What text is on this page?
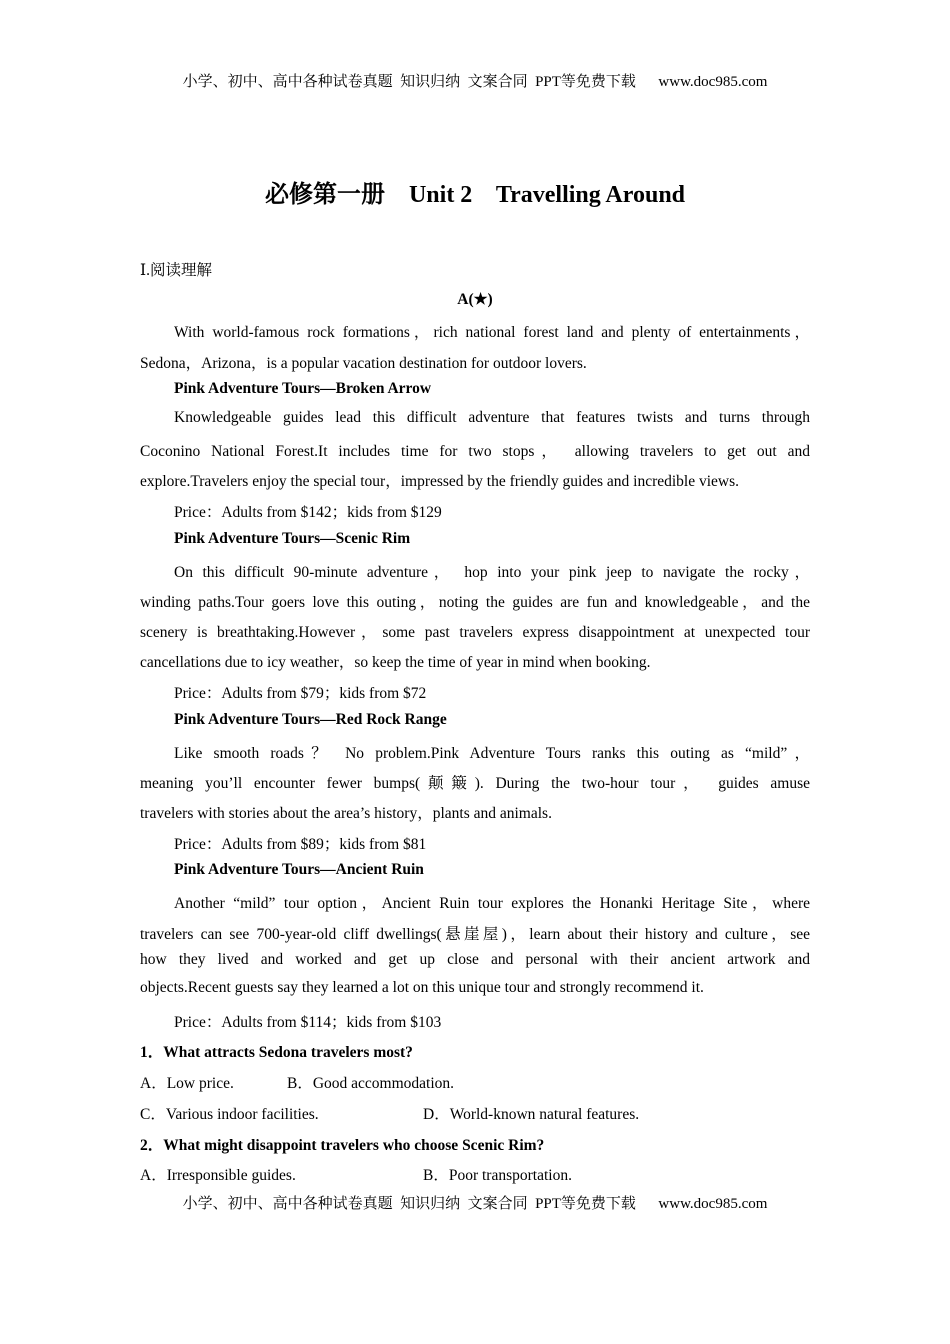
小学、初中、高中各种试卷真题  知识归纳  文案合同  PPT等免费下载      www.doc985.com
必修第一册    Unit 2    Travelling Around
Ⅰ.阅读理解
A(★)
With world-famous rock formations，rich national forest land and plenty of entertainments，
Sedona，Arizona，is a popular vacation destination for outdoor lovers.
Pink Adventure Tours—Broken Arrow
Knowledgeable guides lead this difficult adventure that features twists and turns through
Coconino National Forest.It includes time for two stops， allowing travelers to get out and
explore.Travelers enjoy the special tour，impressed by the friendly guides and incredible views.
Price：Adults from $142；kids from $129
Pink Adventure Tours—Scenic Rim
On this difficult 90-minute adventure， hop into your pink jeep to navigate the rocky，
winding paths.Tour goers love this outing，noting the guides are fun and knowledgeable，and the
scenery is breathtaking.However，some past travelers express disappointment at unexpected tour
cancellations due to icy weather，so keep the time of year in mind when booking.
Price：Adults from $79；kids from $72
Pink Adventure Tours—Red Rock Range
Like smooth roads？ No problem.Pink Adventure Tours ranks this outing as “mild”，
meaning you’ll encounter fewer bumps(颠簸). During the two-hour tour， guides amuse
travelers with stories about the area’s history，plants and animals.
Price：Adults from $89；kids from $81
Pink Adventure Tours—Ancient Ruin
Another “mild” tour option，Ancient Ruin tour explores the Honanki Heritage Site，where
travelers can see 700-year-old cliff dwellings(悬崖屋)，learn about their history and culture，see
how they lived and worked and get up close and personal with their ancient artwork and
objects.Recent guests say they learned a lot on this unique tour and strongly recommend it.
Price：Adults from $114；kids from $103
1．What attracts Sedona travelers most?
A．Low price.	B．Good accommodation.
C．Various indoor facilities.	D．World-known natural features.
2．What might disappoint travelers who choose Scenic Rim?
A．Irresponsible guides.	B．Poor transportation.
小学、初中、高中各种试卷真题  知识归纳  文案合同  PPT等免费下载      www.doc985.com
